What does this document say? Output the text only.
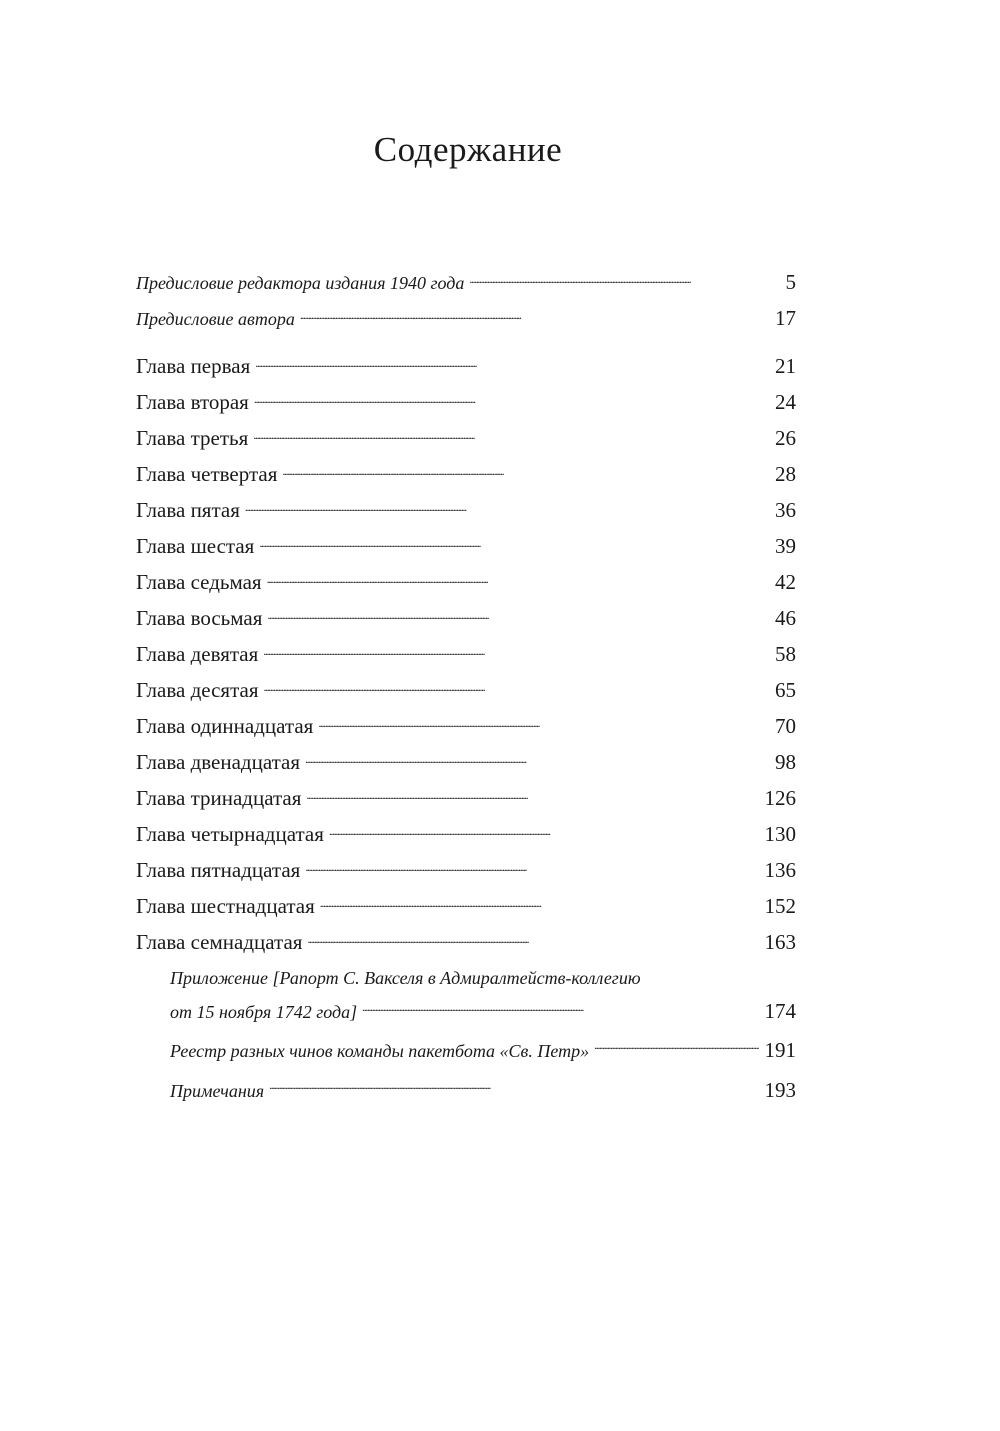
Содержание
Предисловие редактора издания 1940 года . . .	5
Предисловие автора . . .	17
Глава первая . . .	21
Глава вторая . . .	24
Глава третья . . .	26
Глава четвертая . . .	28
Глава пятая . . .	36
Глава шестая . . .	39
Глава седьмая . . .	42
Глава восьмая . . .	46
Глава девятая . . .	58
Глава десятая . . .	65
Глава одиннадцатая . . .	70
Глава двенадцатая . . .	98
Глава тринадцатая . . .	126
Глава четырнадцатая . . .	130
Глава пятнадцатая . . .	136
Глава шестнадцатая . . .	152
Глава семнадцатая . . .	163
Приложение [Рапорт С. Вакселя в Адмиралтейств-коллегию
от 15 ноября 1742 года] . . .	174
Реестр разных чинов команды пакетбота «Св. Петр» . . .	191
Примечания . . .	193
